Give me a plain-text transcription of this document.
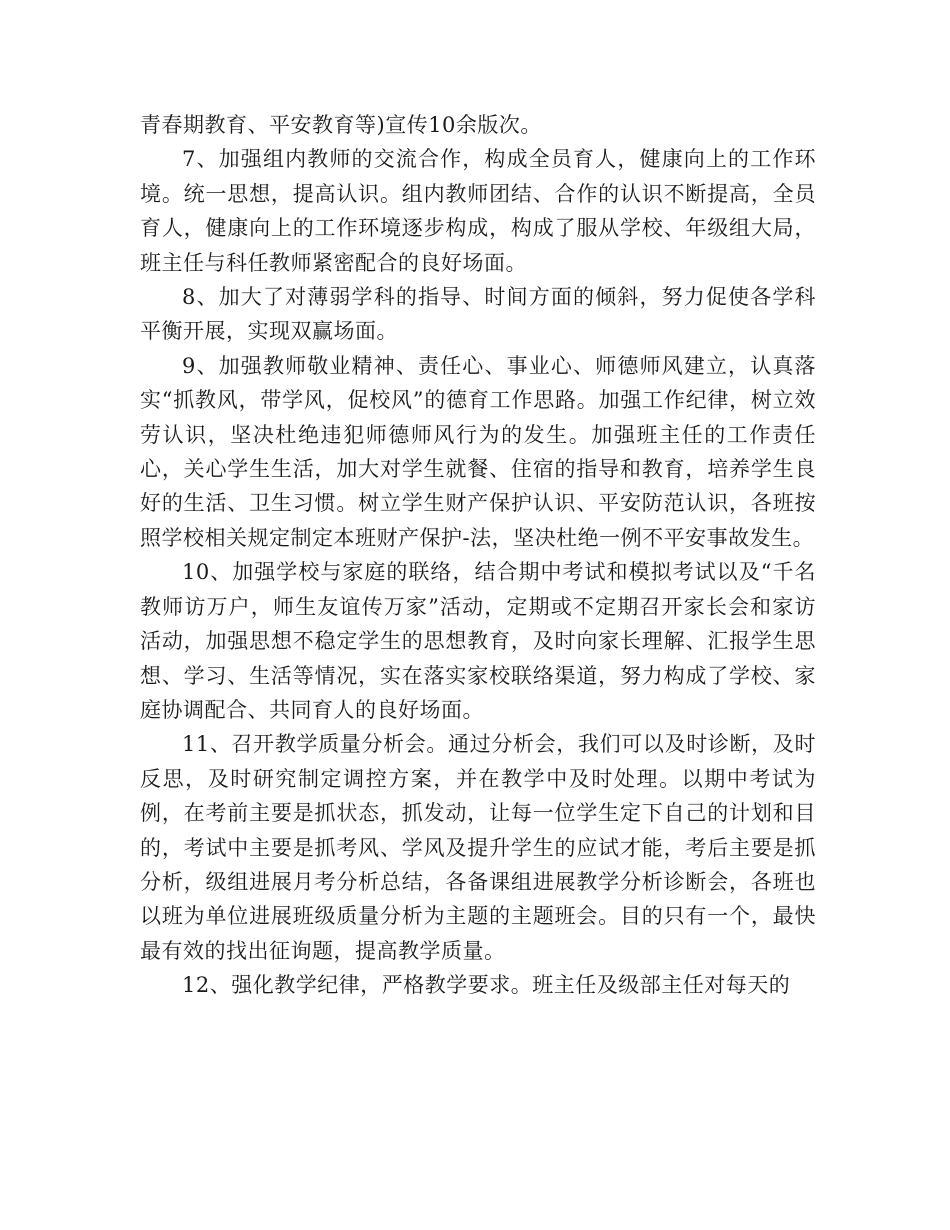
青春期教育、平安教育等)宣传10余版次。

7、加强组内教师的交流合作，构成全员育人，健康向上的工作环境。统一思想，提高认识。组内教师团结、合作的认识不断提高，全员育人，健康向上的工作环境逐步构成，构成了服从学校、年级组大局，班主任与科任教师紧密配合的良好场面。

8、加大了对薄弱学科的指导、时间方面的倾斜，努力促使各学科平衡开展，实现双赢场面。

9、加强教师敬业精神、责任心、事业心、师德师风建立，认真落实“抓教风，带学风，促校风”的德育工作思路。加强工作纪律，树立效劳认识，坚决杜绝违犯师德师风行为的发生。加强班主任的工作责任心，关心学生生活，加大对学生就餐、住宿的指导和教育，培养学生良好的生活、卫生习惯。树立学生财产保护认识、平安防范认识，各班按照学校相关规定制定本班财产保护-法，坚决杜绝一例不平安事故发生。

10、加强学校与家庭的联络，结合期中考试和模拟考试以及“千名教师访万户，师生友谊传万家”活动，定期或不定期召开家长会和家访活动，加强思想不稳定学生的思想教育，及时向家长理解、汇报学生思想、学习、生活等情况，实在落实家校联络渠道，努力构成了学校、家庭协调配合、共同育人的良好场面。

11、召开教学质量分析会。通过分析会，我们可以及时诊断，及时反思，及时研究制定调控方案，并在教学中及时处理。以期中考试为例，在考前主要是抓状态，抓发动，让每一位学生定下自己的计划和目的，考试中主要是抓考风、学风及提升学生的应试才能，考后主要是抓分析，级组进展月考分析总结，各备课组进展教学分析诊断会，各班也以班为单位进展班级质量分析为主题的主题班会。目的只有一个，最快最有效的找出征询题，提高教学质量。

12、强化教学纪律，严格教学要求。班主任及级部主任对每天的
